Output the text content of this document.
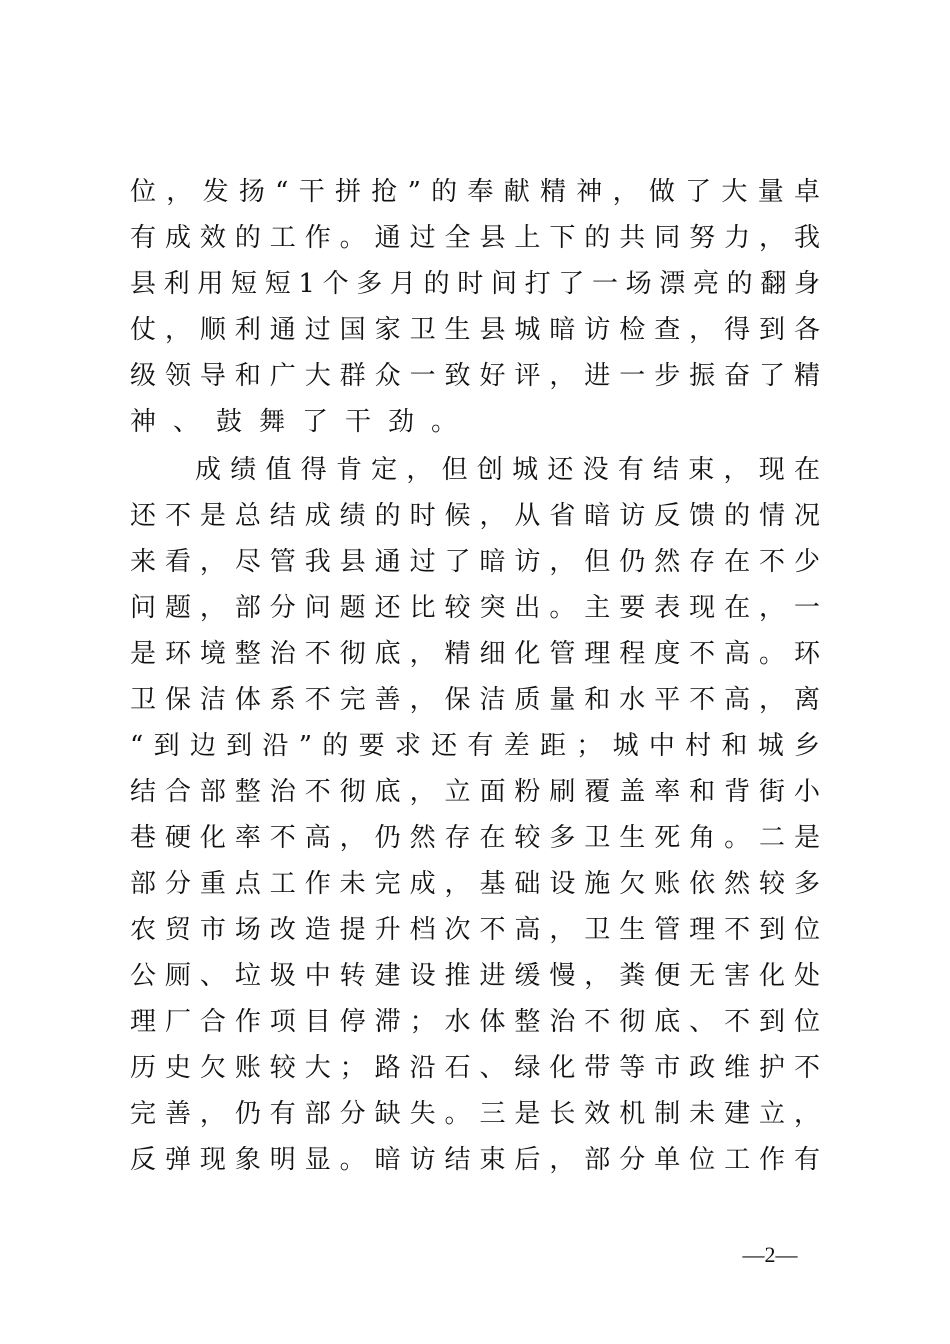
位，发扬“干拼抢”的奉献精神，做了大量卓
有成效的工作。通过全县上下的共同努力，我
县利用短短1个多月的时间打了一场漂亮的翻身
仗，顺利通过国家卫生县城暗访检查，得到各
级领导和广大群众一致好评，进一步振奋了精
神、鼓舞了干劲。
成绩值得肯定，但创城还没有结束，现在
还不是总结成绩的时候，从省暗访反馈的情况
来看，尽管我县通过了暗访，但仍然存在不少
问题，部分问题还比较突出。主要表现在，一
是环境整治不彻底，精细化管理程度不高。环
卫保洁体系不完善，保洁质量和水平不高，离
“到边到沿”的要求还有差距；城中村和城乡
结合部整治不彻底，立面粉刷覆盖率和背街小
巷硬化率不高，仍然存在较多卫生死角。二是
部分重点工作未完成，基础设施欠账依然较多
农贸市场改造提升档次不高，卫生管理不到位
公厕、垃圾中转建设推进缓慢，粪便无害化处
理厂合作项目停滞；水体整治不彻底、不到位
历史欠账较大；路沿石、绿化带等市政维护不
完善，仍有部分缺失。三是长效机制未建立，
反弹现象明显。暗访结束后，部分单位工作有
—2—
